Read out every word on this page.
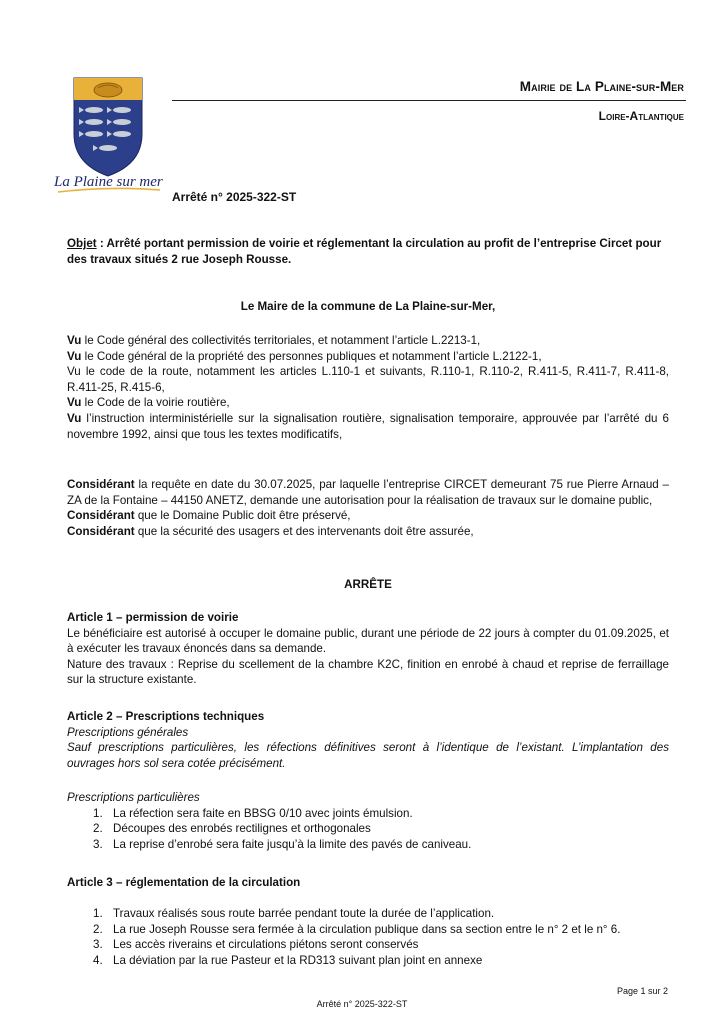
La Plaine sur mer
Mairie de La Plaine-sur-Mer
Loire-Atlantique
Arrêté n° 2025-322-ST
Objet : Arrêté portant permission de voirie et réglementant la circulation au profit de l’entreprise Circet pour des travaux situés 2 rue Joseph Rousse.
Le Maire de la commune de La Plaine-sur-Mer,

Vu le Code général des collectivités territoriales, et notamment l’article L.2213-1,

Vu le Code général de la propriété des personnes publiques et notamment l’article L.2122-1,

Vu le code de la route, notamment les articles L.110-1 et suivants, R.110-1, R.110-2, R.411-5, R.411-7, R.411-8, R.411-25, R.415-6,

Vu le Code de la voirie routière,

Vu l’instruction interministérielle sur la signalisation routière, signalisation temporaire, approuvée par l’arrêté du 6 novembre 1992, ainsi que tous les textes modificatifs,

Considérant la requête en date du 30.07.2025, par laquelle l’entreprise CIRCET demeurant 75 rue Pierre Arnaud – ZA de la Fontaine – 44150 ANETZ, demande une autorisation pour la réalisation de travaux sur le domaine public,

Considérant que le Domaine Public doit être préservé,

Considérant que la sécurité des usagers et des intervenants doit être assurée,

ARRÊTE

Article 1 – permission de voirie

Le bénéficiaire est autorisé à occuper le domaine public, durant une période de 22 jours à compter du 01.09.2025, et à exécuter les travaux énoncés dans sa demande.

Nature des travaux : Reprise du scellement de la chambre K2C, finition en enrobé à chaud et reprise de ferraillage sur la structure existante.

Article 2 – Prescriptions techniques

Prescriptions générales

Sauf prescriptions particulières, les réfections définitives seront à l’identique de l’existant. L’implantation des ouvrages hors sol sera cotée précisément.

Prescriptions particulières

1. La réfection sera faite en BBSG 0/10 avec joints émulsion.
2. Découpes des enrobés rectilignes et orthogonales
3. La reprise d’enrobé sera faite jusqu’à la limite des pavés de caniveau.

Article 3 – réglementation de la circulation

1. Travaux réalisés sous route barrée pendant toute la durée de l’application.
2. La rue Joseph Rousse sera fermée à la circulation publique dans sa section entre le n° 2 et le n° 6.
3. Les accès riverains et circulations piétons seront conservés
4. La déviation par la rue Pasteur et la RD313 suivant plan joint en annexe
Page 1 sur 2
Arrêté n° 2025-322-ST
